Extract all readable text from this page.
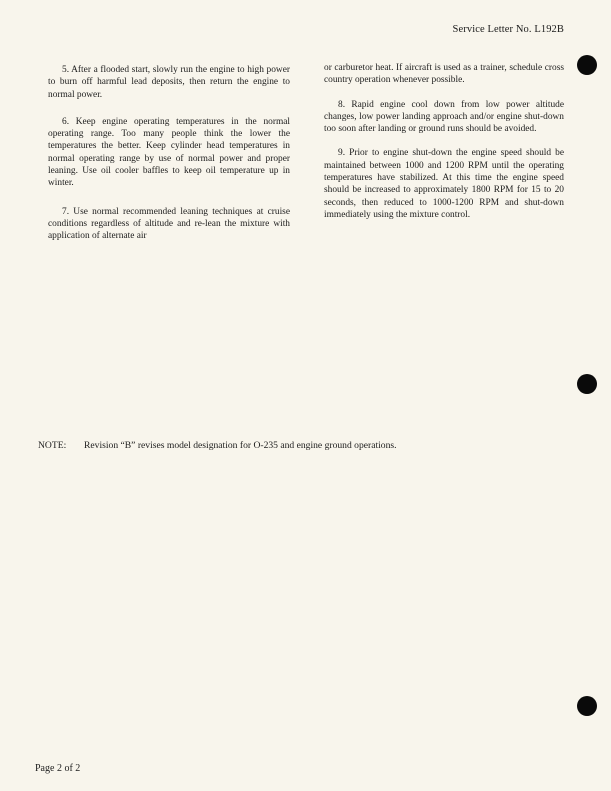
Service Letter No. L192B

5. After a flooded start, slowly run the engine to high power to burn off harmful lead deposits, then return the engine to normal power.

6. Keep engine operating temperatures in the normal operating range. Too many people think the lower the temperatures the better. Keep cylinder head temperatures in normal operating range by use of normal power and proper leaning. Use oil cooler baffles to keep oil temperature up in winter.

7. Use normal recommended leaning techniques at cruise conditions regardless of altitude and re-lean the mixture with application of alternate air

or carburetor heat. If aircraft is used as a trainer, schedule cross country operation whenever possible.

8. Rapid engine cool down from low power altitude changes, low power landing approach and/or engine shut-down too soon after landing or ground runs should be avoided.

9. Prior to engine shut-down the engine speed should be maintained between 1000 and 1200 RPM until the operating temperatures have stabilized. At this time the engine speed should be increased to approximately 1800 RPM for 15 to 20 seconds, then reduced to 1000-1200 RPM and shut-down immediately using the mixture control.

NOTE: Revision “B” revises model designation for O-235 and engine ground operations.
Page 2 of 2
